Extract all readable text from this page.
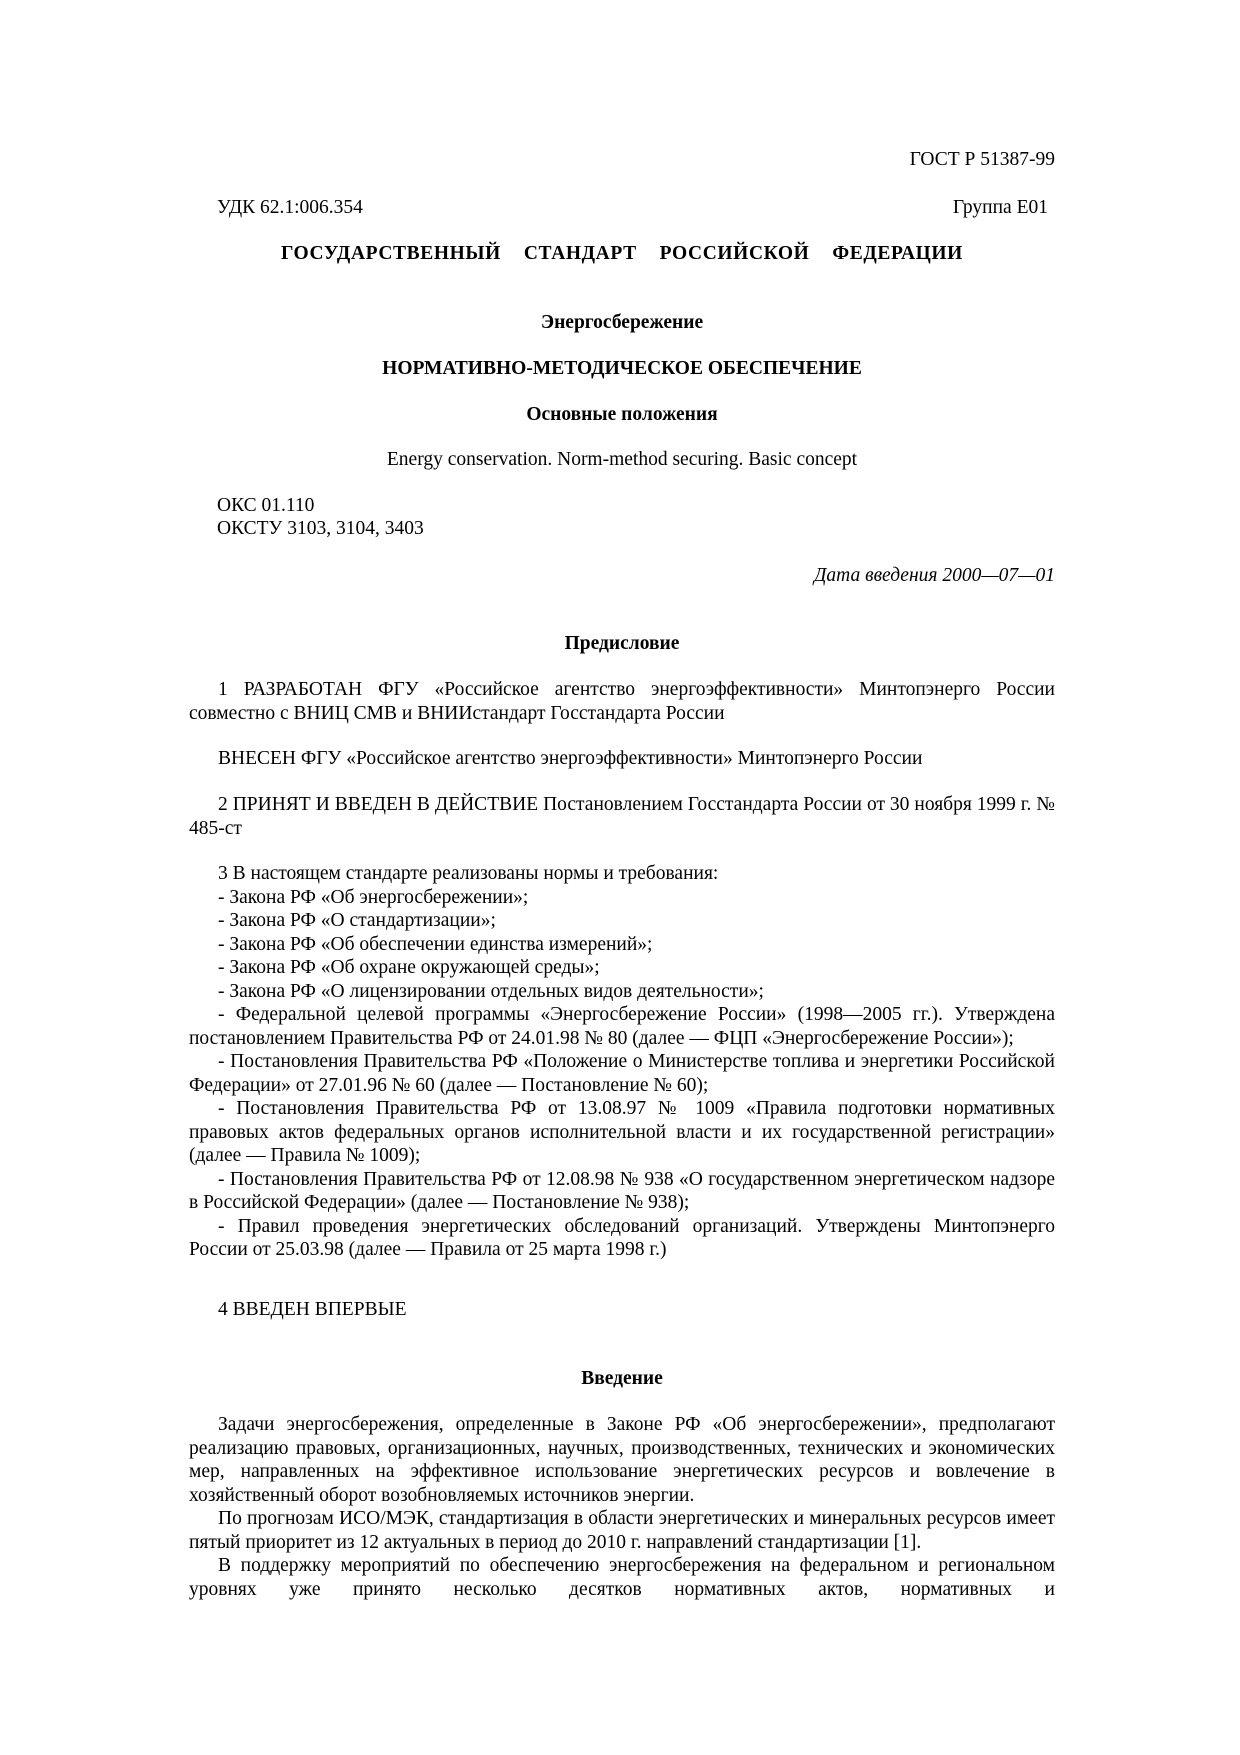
ГОСТ Р 51387-99
УДК 62.1:006.354	Группа Е01
ГОСУДАРСТВЕННЫЙ  СТАНДАРТ  РОССИЙСКОЙ  ФЕДЕРАЦИИ
Энергосбережение
НОРМАТИВНО-МЕТОДИЧЕСКОЕ ОБЕСПЕЧЕНИЕ
Основные положения
Energy conservation. Norm-method securing. Basic concept
ОКС 01.110
ОКСТУ 3103, 3104, 3403
Дата введения 2000—07—01
Предисловие

1 РАЗРАБОТАН ФГУ «Российское агентство энергоэффективности» Минтопэнерго России совместно с ВНИЦ СМВ и ВНИИстандарт Госстандарта России

ВНЕСЕН ФГУ «Российское агентство энергоэффективности» Минтопэнерго России

2 ПРИНЯТ И ВВЕДЕН В ДЕЙСТВИЕ Постановлением Госстандарта России от 30 ноября 1999 г. № 485-ст

3 В настоящем стандарте реализованы нормы и требования:

- Закона РФ «Об энергосбережении»;

- Закона РФ «О стандартизации»;

- Закона РФ «Об обеспечении единства измерений»;

- Закона РФ «Об охране окружающей среды»;

- Закона РФ «О лицензировании отдельных видов деятельности»;

- Федеральной целевой программы «Энергосбережение России» (1998—2005 гг.). Утверждена постановлением Правительства РФ от 24.01.98 № 80 (далее — ФЦП «Энергосбережение России»);

- Постановления Правительства РФ «Положение о Министерстве топлива и энергетики Российской Федерации» от 27.01.96 № 60 (далее — Постановление № 60);

- Постановления Правительства РФ от 13.08.97 № 1009 «Правила подготовки нормативных правовых актов федеральных органов исполнительной власти и их государственной регистрации» (далее — Правила № 1009);

- Постановления Правительства РФ от 12.08.98 № 938 «О государственном энергетическом надзоре в Российской Федерации» (далее — Постановление № 938);

- Правил проведения энергетических обследований организаций. Утверждены Минтопэнерго России от 25.03.98 (далее — Правила от 25 марта 1998 г.)

4 ВВЕДЕН ВПЕРВЫЕ

Введение

Задачи энергосбережения, определенные в Законе РФ «Об энергосбережении», предполагают реализацию правовых, организационных, научных, производственных, технических и экономических мер, направленных на эффективное использование энергетических ресурсов и вовлечение в хозяйственный оборот возобновляемых источников энергии.

По прогнозам ИСО/МЭК, стандартизация в области энергетических и минеральных ресурсов имеет пятый приоритет из 12 актуальных в период до 2010 г. направлений стандартизации [1].

В поддержку мероприятий по обеспечению энергосбережения на федеральном и региональном уровнях уже принято несколько десятков нормативных актов, нормативных и
